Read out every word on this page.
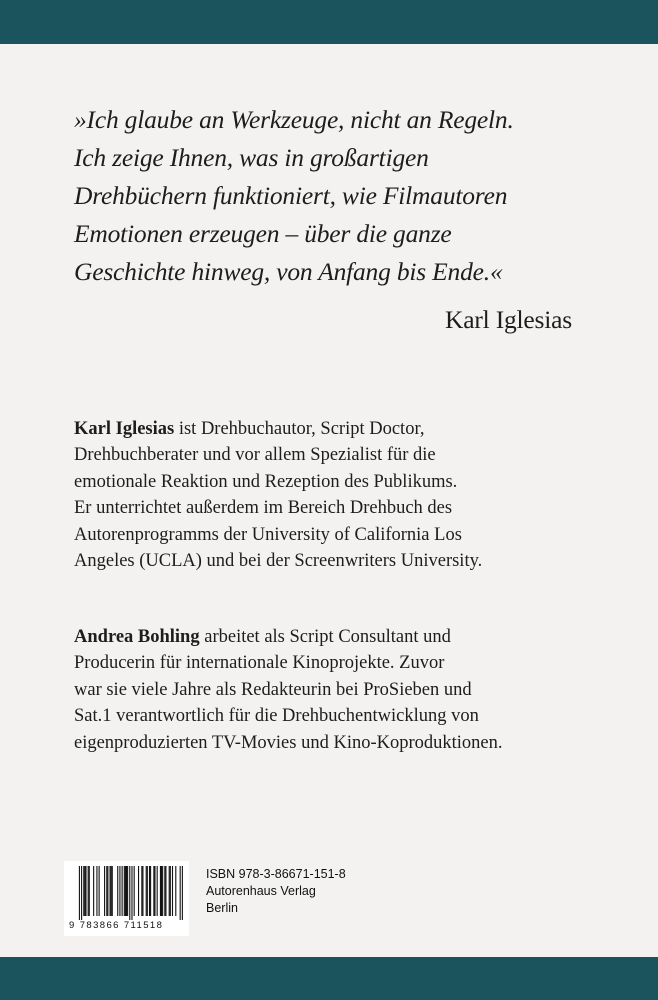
»Ich glaube an Werkzeuge, nicht an Regeln.
Ich zeige Ihnen, was in großartigen
Drehbüchern funktioniert, wie Filmautoren
Emotionen erzeugen – über die ganze
Geschichte hinweg, von Anfang bis Ende.«
Karl Iglesias
Karl Iglesias ist Drehbuchautor, Script Doctor,
Drehbuchberater und vor allem Spezialist für die
emotionale Reaktion und Rezeption des Publikums.
Er unterrichtet außerdem im Bereich Drehbuch des
Autorenprogramms der University of California Los
Angeles (UCLA) und bei der Screenwriters University.
Andrea Bohling arbeitet als Script Consultant und
Producerin für internationale Kinoprojekte. Zuvor
war sie viele Jahre als Redakteurin bei ProSieben und
Sat.1 verantwortlich für die Drehbuchentwicklung von
eigenproduzierten TV-Movies und Kino-Koproduktionen.
9 783866 711518
ISBN 978-3-86671-151-8
Autorenhaus Verlag
Berlin
